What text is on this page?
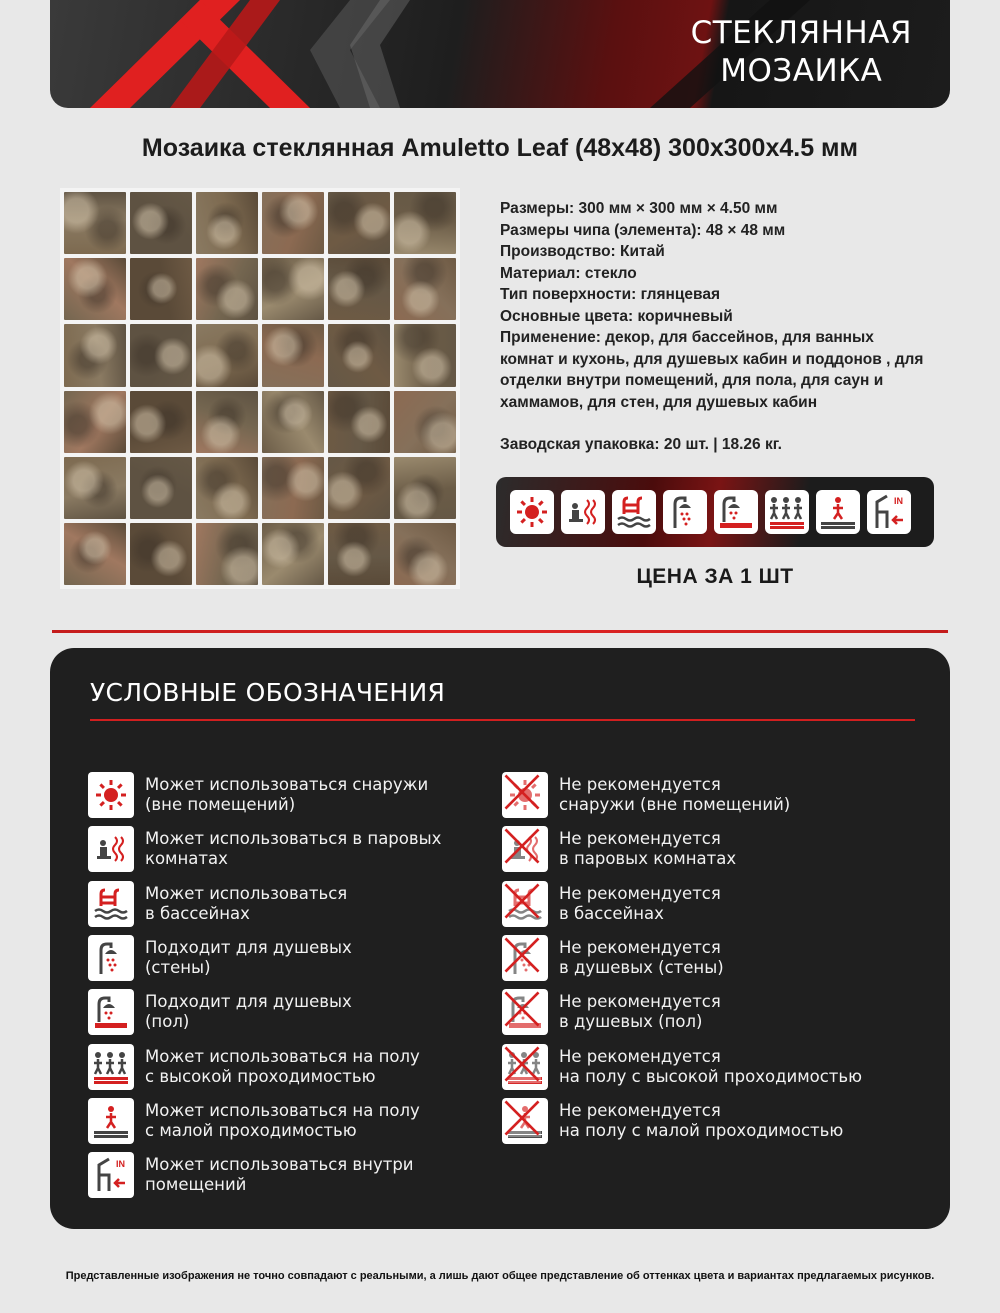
СТЕКЛЯННАЯ
МОЗАИКА
Мозаика стеклянная Amuletto Leaf (48x48) 300x300x4.5 мм
Размеры: 300 мм × 300 мм × 4.50 мм
Размеры чипа (элемента): 48 × 48 мм
Производство: Китай
Материал: стекло
Тип поверхности: глянцевая
Основные цвета: коричневый
Применение: декор, для бассейнов, для ванных
комнат и кухонь, для душевых кабин и поддонов , для
отделки внутри помещений, для пола, для саун и
хаммамов, для стен, для душевых кабин
Заводская упаковка: 20 шт. | 18.26 кг.
IN
ЦЕНА ЗА 1 ШТ
УСЛОВНЫЕ ОБОЗНАЧЕНИЯ
Может использоваться снаружи
(вне помещений)
Может использоваться в паровых
комнатах
Может использоваться
в бассейнах
Подходит для душевых
(стены)
Подходит для душевых
(пол)
Может использоваться на полу
с высокой проходимостью
Может использоваться на полу
с малой проходимостью
IN Может использоваться внутри
помещений
Не рекомендуется
снаружи (вне помещений)
Не рекомендуется
в паровых комнатах
Не рекомендуется
в бассейнах
Не рекомендуется
в душевых (стены)
Не рекомендуется
в душевых (пол)
Не рекомендуется
на полу с высокой проходимостью
Не рекомендуется
на полу с малой проходимостью
Представленные изображения не точно совпадают с реальными, а лишь дают общее представление об оттенках цвета и вариантах предлагаемых рисунков.
